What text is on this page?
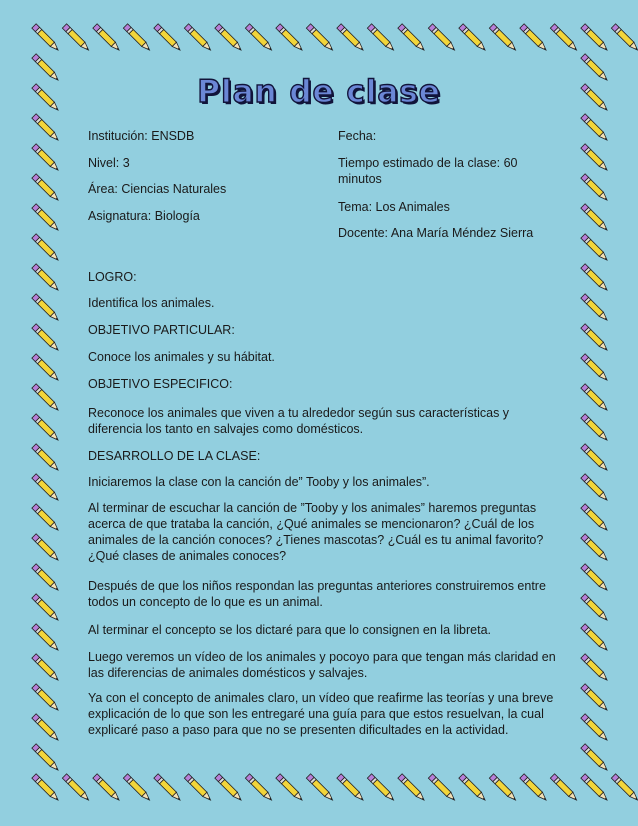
Plan de clase
Institución: ENSDB
Nivel: 3
Área: Ciencias Naturales
Asignatura: Biología
Fecha:
Tiempo estimado de la clase: 60 minutos
Tema: Los Animales
Docente: Ana María Méndez Sierra
LOGRO:
Identifica los animales.
OBJETIVO PARTICULAR:
Conoce los animales y su hábitat.
OBJETIVO ESPECIFICO:
Reconoce los animales que viven a tu alrededor según sus características y diferencia los tanto en salvajes como domésticos.
DESARROLLO DE LA CLASE:
Iniciaremos la clase con la canción de” Tooby y los animales”.
Al terminar de escuchar la canción de ”Tooby y los animales” haremos preguntas acerca de que trataba la canción, ¿Qué animales se mencionaron? ¿Cuál de los animales de la canción conoces? ¿Tienes mascotas? ¿Cuál es tu animal favorito? ¿Qué clases de animales conoces?
Después de que los niños respondan las preguntas anteriores construiremos entre todos un concepto de lo que es un animal.
Al terminar el concepto se los dictaré para que lo consignen en la libreta.
Luego veremos un vídeo de los animales y pocoyo para que tengan más claridad en las diferencias de animales domésticos y salvajes.
Ya con el concepto de animales claro, un vídeo que reafirme las teorías y una breve explicación de lo que son les entregaré una guía para que estos resuelvan, la cual explicaré paso a paso para que no se presenten dificultades en la actividad.
